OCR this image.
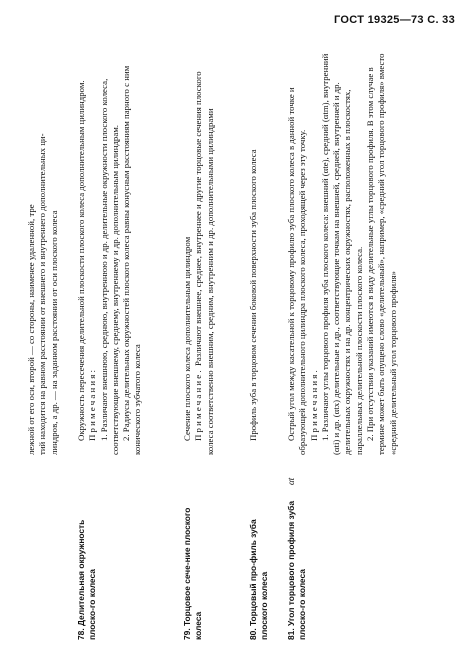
ГОСТ 19325—73 С. 33
лежной от его оси, второй — со стороны, наименее удаленной, тре тий находится на равном расстоянии от внешнего и внутреннего дополнительных ци- линдров, а др. — на заданном расстоянии от оси плоского колеса
78. Делительная окружность плоско-го колеса

Окружность пересечения делительной плоскости плоского колеса дополнительным цилиндром. Примечания: 1. Различают внешнюю, среднюю, внутреннюю и др. делительные окружности плоского колеса, соответствующие внешнему, среднему, внутреннему и др. дополнительным цилиндрам. 2. Радиусы делительных окружностей плоского колеса равны конусным расстояниям парного с ним конического зубчатого колеса

79. Торцовое сече-ние плоского колеса

Сечение плоского колеса дополнительным цилиндром Примечание. Различают внешнее, среднее, внутреннее и другие торцовые сечения плоского колеса соответственно внешним, средним, внутренним и др. дополнительными цилиндрами

80. Торцовый про-филь зуба плоского колеса

Профиль зуба в торцовом сечении боковой поверхности зуба плоского колеса

81. Угол торцового профиля зуба плоско-го колеса
αt

Острый угол между касательной к торцовому профилю зуба плоского колеса в данной точке и образующей дополнительного цилиндра плоского колеса, проходящей через эту точку. Примечания. 1. Различают углы торцового профиля зуба плоского колеса: внешний (αte), средний (αtm), внутренний (αti) и др. (αtx) делительные и др., соответствующие точкам на внешней, средней, внутренней и др. делительных окружностях и на др. концентрических окружностях, расположенных в плоскостях, параллельных делительной плоскости плоского колеса. 2. При отсутствии указаний имеются в виду делительные углы торцового профиля. В этом случае в термине может быть опущено слово «делительный», например, «средний угол торцового профиля» вместо «средний делительный угол торцового профиля»
